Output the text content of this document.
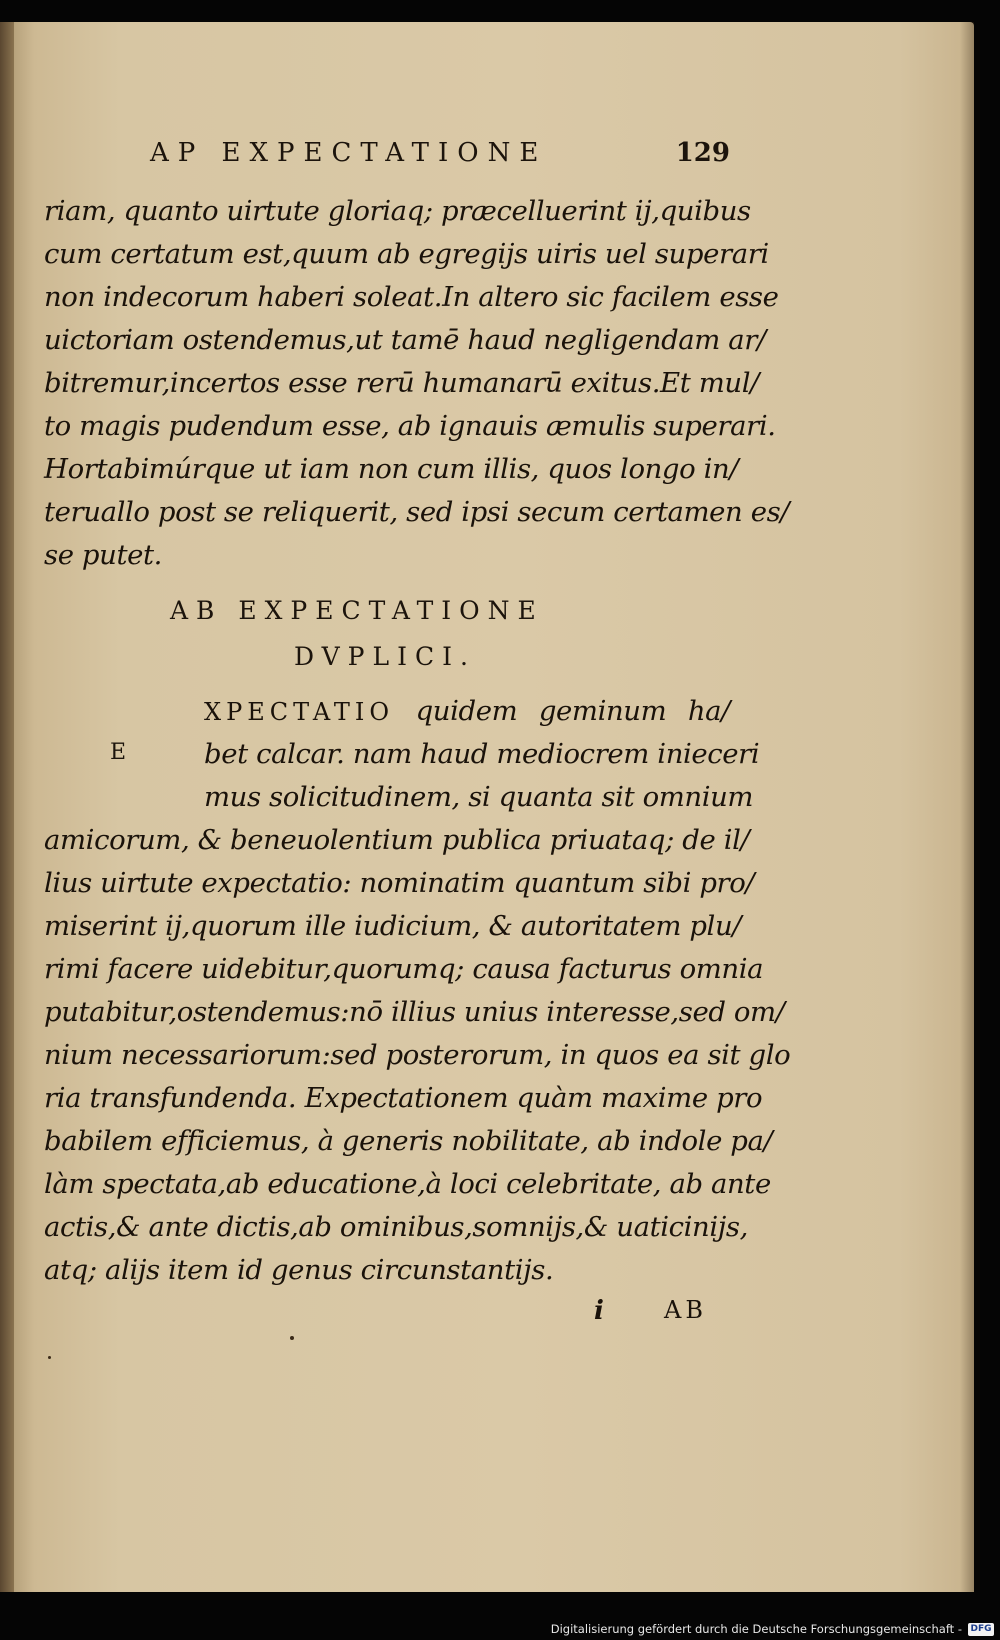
AP EXPECTATIONE	129
riam, quanto uirtute gloriaq; præcelluerint ij,quibus
cum certatum est,quum ab egregijs uiris uel superari
non indecorum haberi soleat.In altero sic facilem esse
uictoriam ostendemus,ut tamē haud negligendam ar/
bitremur,incertos esse rerū humanarū exitus.Et mul/
to magis pudendum esse, ab ignauis æmulis superari.
Hortabimúrque ut iam non cum illis, quos longo in/
teruallo post se reliquerit, sed ipsi secum certamen es/
se putet.
AB EXPECTATIONE
DVPLICI.
E
XPECTATIO quidem geminum ha/
bet calcar. nam haud mediocrem inieceri
mus solicitudinem, si quanta sit omnium
amicorum, & beneuolentium publica priuataq; de il/
lius uirtute expectatio: nominatim quantum sibi pro/
miserint ij,quorum ille iudicium, & autoritatem plu/
rimi facere uidebitur,quorumq; causa facturus omnia
putabitur,ostendemus:nō illius unius interesse,sed om/
nium necessariorum:sed posterorum, in quos ea sit glo
ria transfundenda. Expectationem quàm maxime pro
babilem efficiemus, à generis nobilitate, ab indole pa/
làm spectata,ab educatione,à loci celebritate, ab ante
actis,& ante dictis,ab ominibus,somnijs,& uaticinijs,
atq; alijs item id genus circunstantijs.
i	AB
Digitalisierung gefördert durch die Deutsche Forschungsgemeinschaft - DFG
